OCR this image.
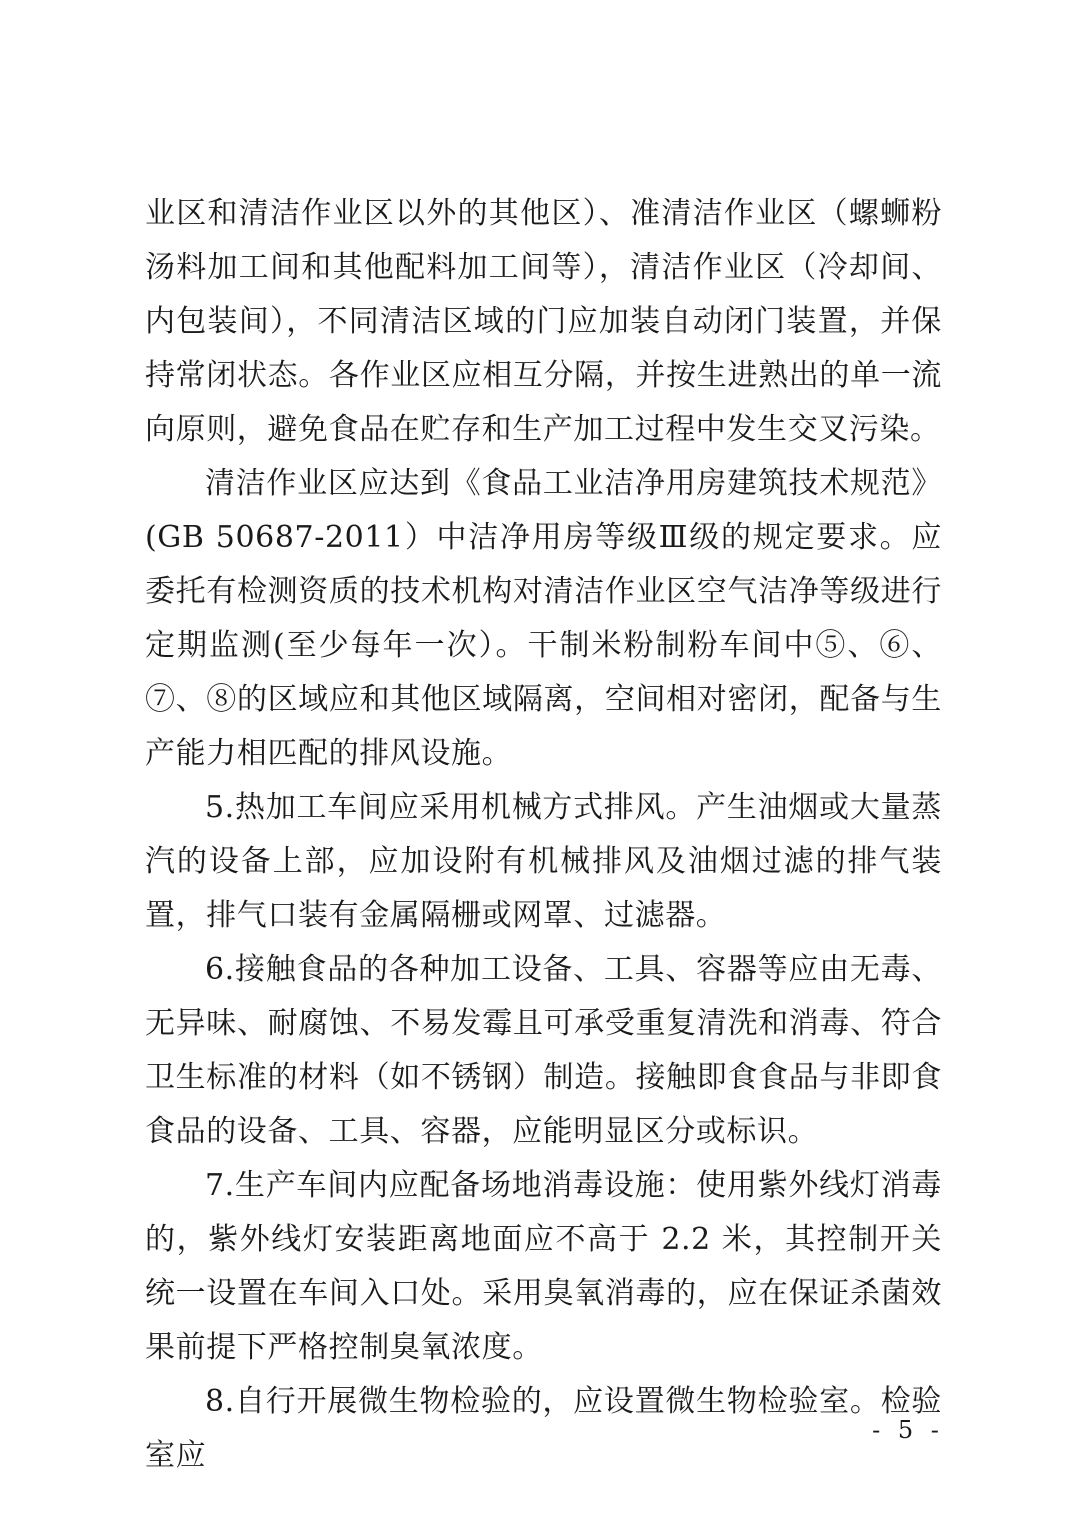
业区和清洁作业区以外的其他区）、准清洁作业区（螺蛳粉汤料加工间和其他配料加工间等），清洁作业区（冷却间、内包装间），不同清洁区域的门应加装自动闭门装置，并保持常闭状态。各作业区应相互分隔，并按生进熟出的单一流向原则，避免食品在贮存和生产加工过程中发生交叉污染。

清洁作业区应达到《食品工业洁净用房建筑技术规范》(GB 50687-2011）中洁净用房等级Ⅲ级的规定要求。应委托有检测资质的技术机构对清洁作业区空气洁净等级进行定期监测(至少每年一次）。干制米粉制粉车间中⑤、⑥、⑦、⑧的区域应和其他区域隔离，空间相对密闭，配备与生产能力相匹配的排风设施。

5.热加工车间应采用机械方式排风。产生油烟或大量蒸汽的设备上部，应加设附有机械排风及油烟过滤的排气装置，排气口装有金属隔栅或网罩、过滤器。

6.接触食品的各种加工设备、工具、容器等应由无毒、无异味、耐腐蚀、不易发霉且可承受重复清洗和消毒、符合卫生标准的材料（如不锈钢）制造。接触即食食品与非即食食品的设备、工具、容器，应能明显区分或标识。

7.生产车间内应配备场地消毒设施：使用紫外线灯消毒的，紫外线灯安装距离地面应不高于 2.2 米，其控制开关统一设置在车间入口处。采用臭氧消毒的，应在保证杀菌效果前提下严格控制臭氧浓度。

8.自行开展微生物检验的，应设置微生物检验室。检验室应

- 5 -
